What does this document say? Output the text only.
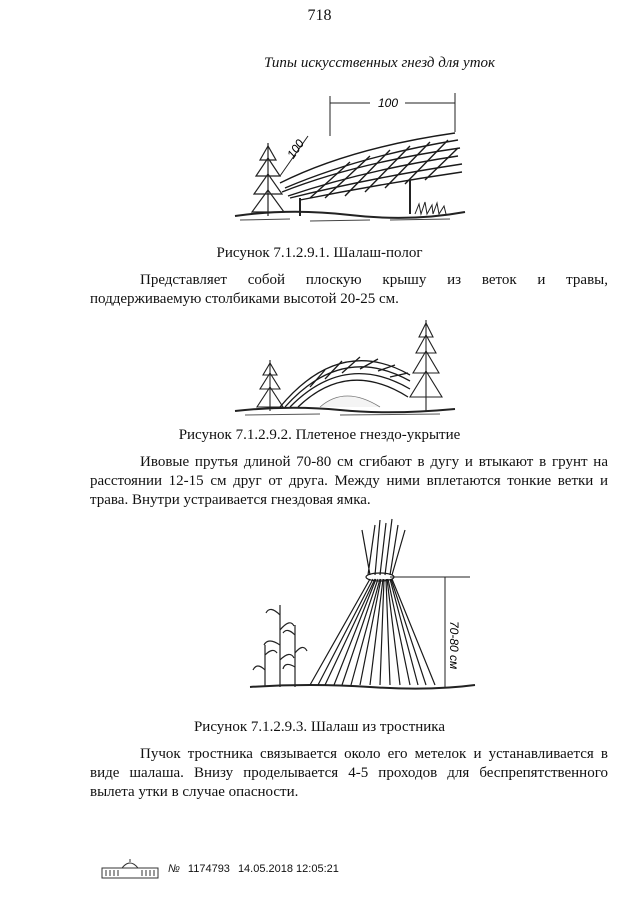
718
Типы искусственных гнезд для уток
100
100
Рисунок 7.1.2.9.1. Шалаш-полог
Представляет собой плоскую крышу из веток и травы,
поддерживаемую столбиками высотой 20-25 см.
Рисунок 7.1.2.9.2. Плетеное гнездо-укрытие
Ивовые прутья длиной 70-80 см сгибают в дугу и втыкают в грунт на расстоянии 12-15 см друг от друга. Между ними вплетаются тонкие ветки и трава. Внутри устраивается гнездовая ямка.
70-80 см
Рисунок 7.1.2.9.3. Шалаш из тростника
Пучок тростника связывается около его метелок и устанавливается в виде шалаша. Внизу проделывается 4-5 проходов для беспрепятственного вылета утки в случае опасности.
№ 1174793 14.05.2018 12:05:21
